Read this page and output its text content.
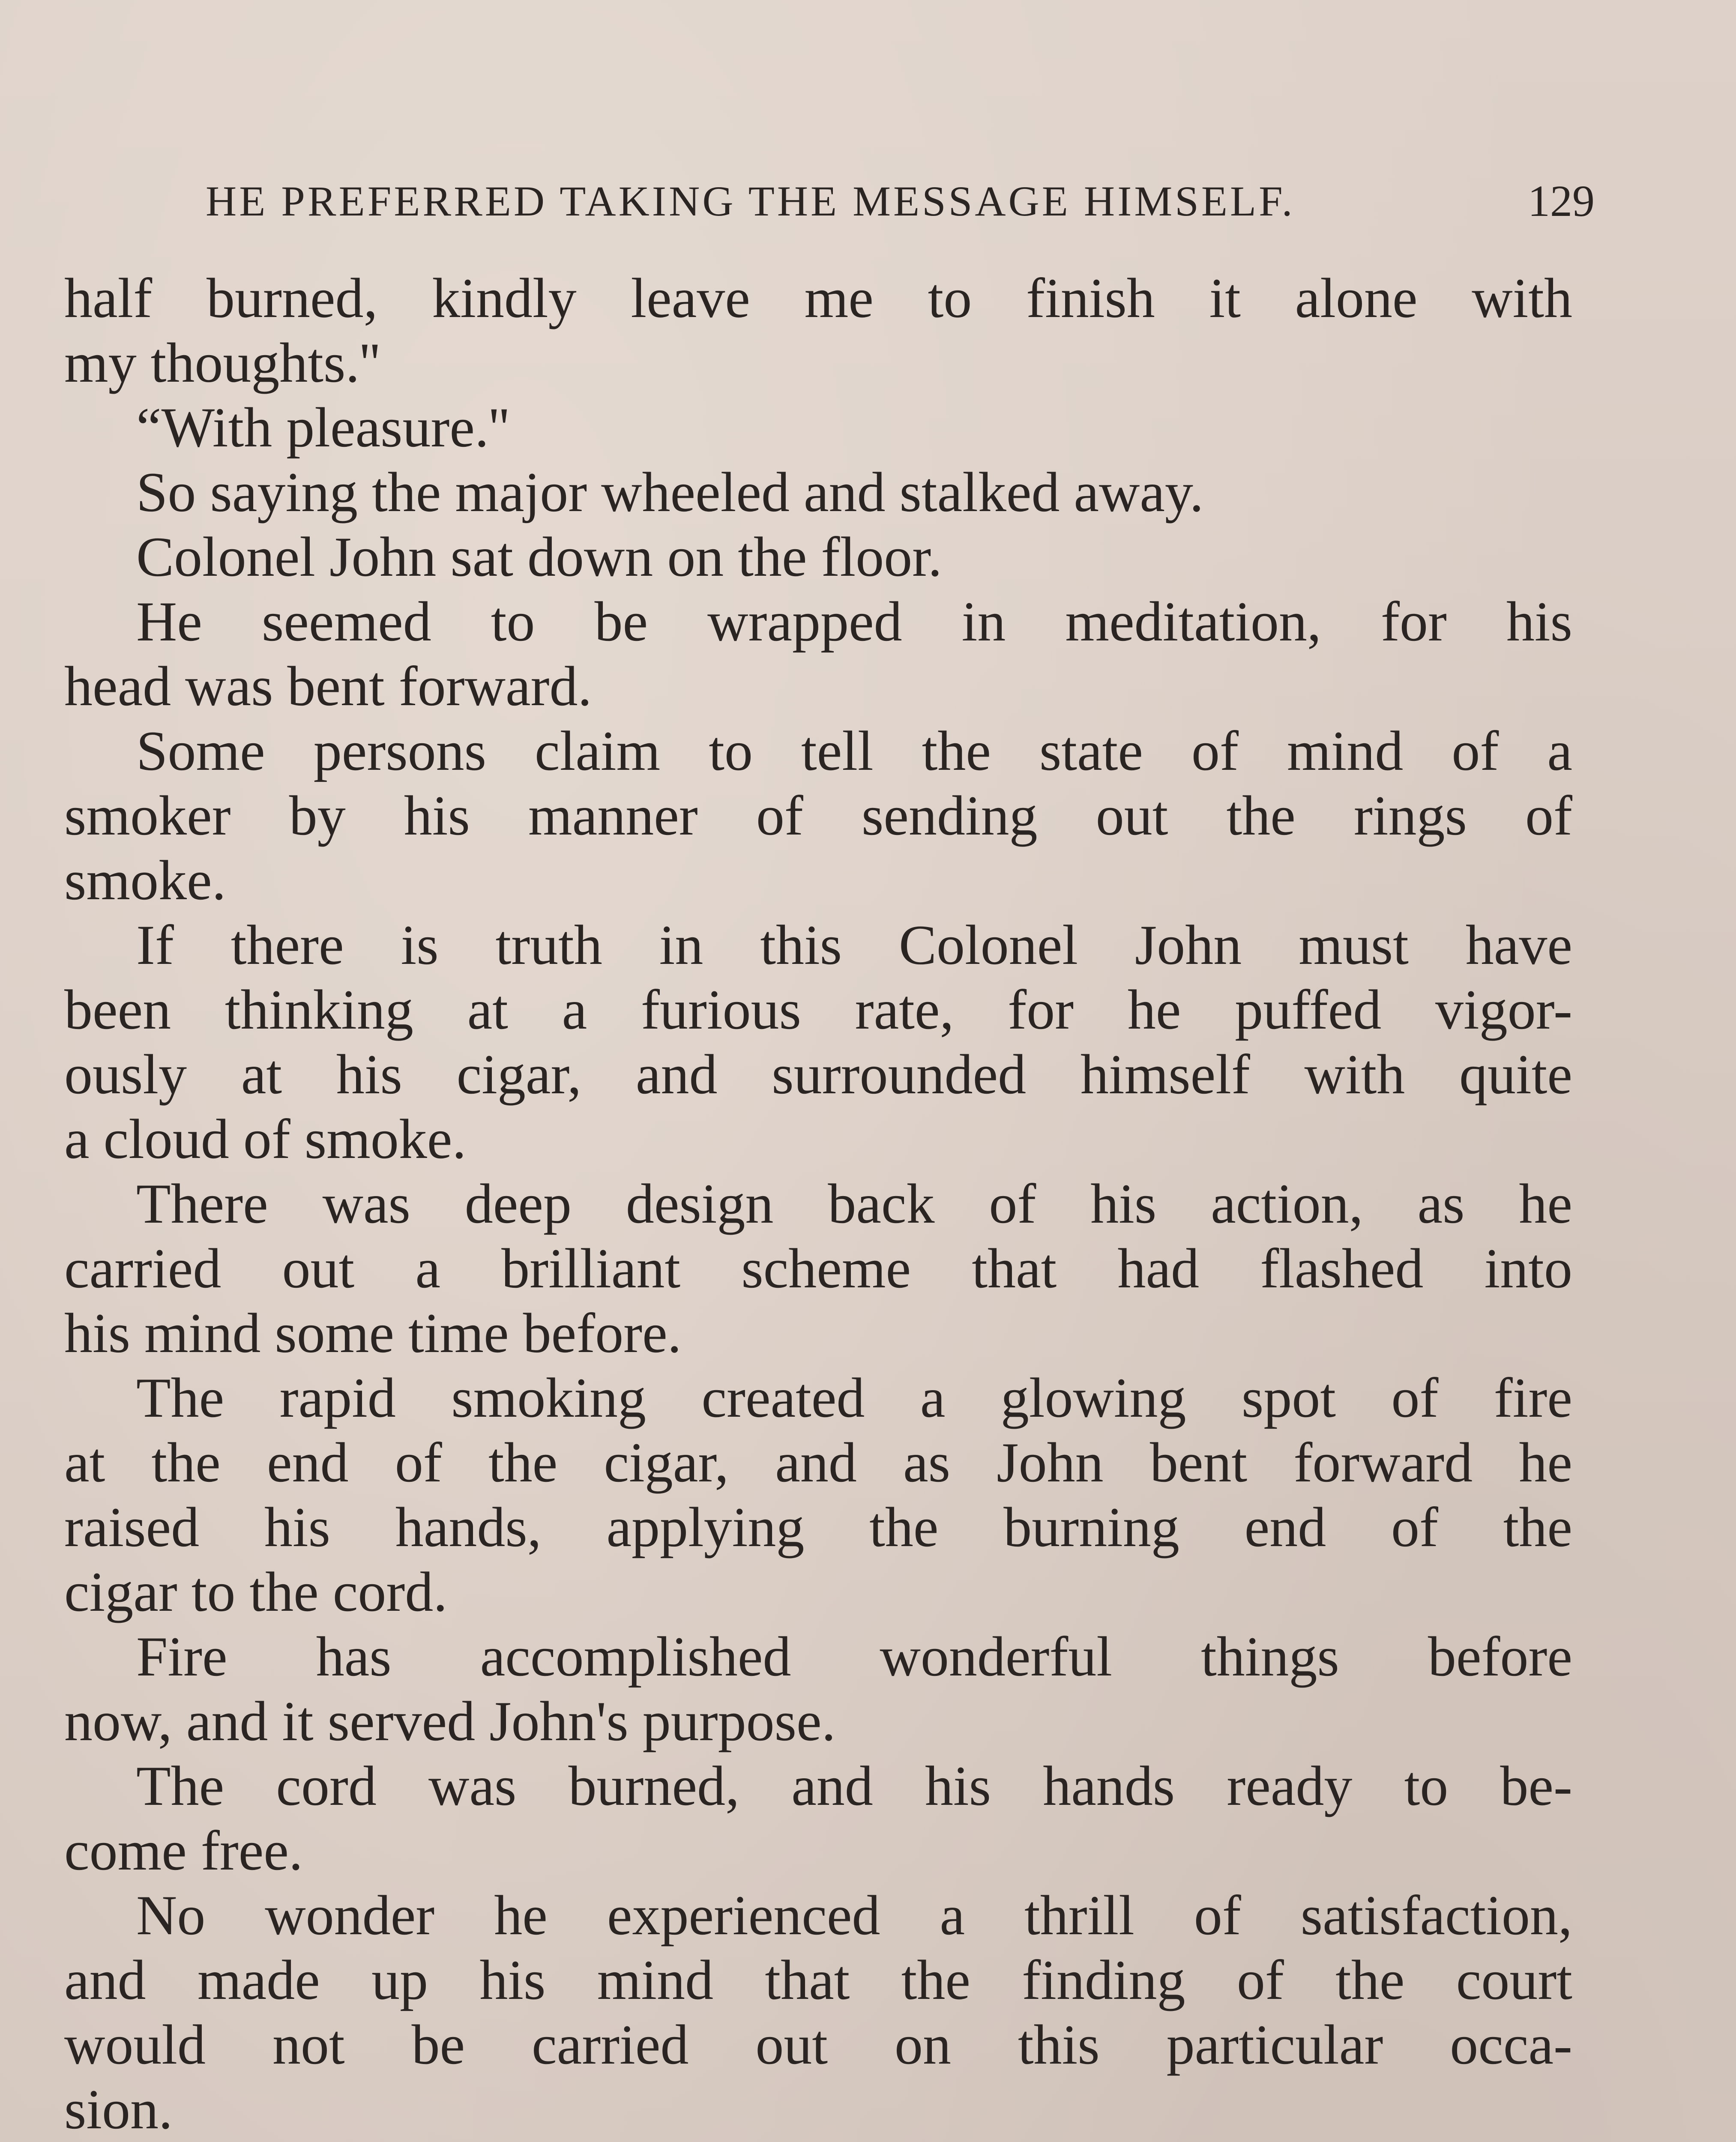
HE PREFERRED TAKING THE MESSAGE HIMSELF.	129
half burned, kindly leave me to finish it alone with
my thoughts.''
“With pleasure.''
So saying the major wheeled and stalked away.
Colonel John sat down on the floor.
He seemed to be wrapped in meditation, for his
head was bent forward.
Some persons claim to tell the state of mind of a
smoker by his manner of sending out the rings of
smoke.
If there is truth in this Colonel John must have
been thinking at a furious rate, for he puffed vigor-
ously at his cigar, and surrounded himself with quite
a cloud of smoke.
There was deep design back of his action, as he
carried out a brilliant scheme that had flashed into
his mind some time before.
The rapid smoking created a glowing spot of fire
at the end of the cigar, and as John bent forward he
raised his hands, applying the burning end of the
cigar to the cord.
Fire has accomplished wonderful things before
now, and it served John's purpose.
The cord was burned, and his hands ready to be-
come free.
No wonder he experienced a thrill of satisfaction,
and made up his mind that the finding of the court
would not be carried out on this particular occa-
sion.
